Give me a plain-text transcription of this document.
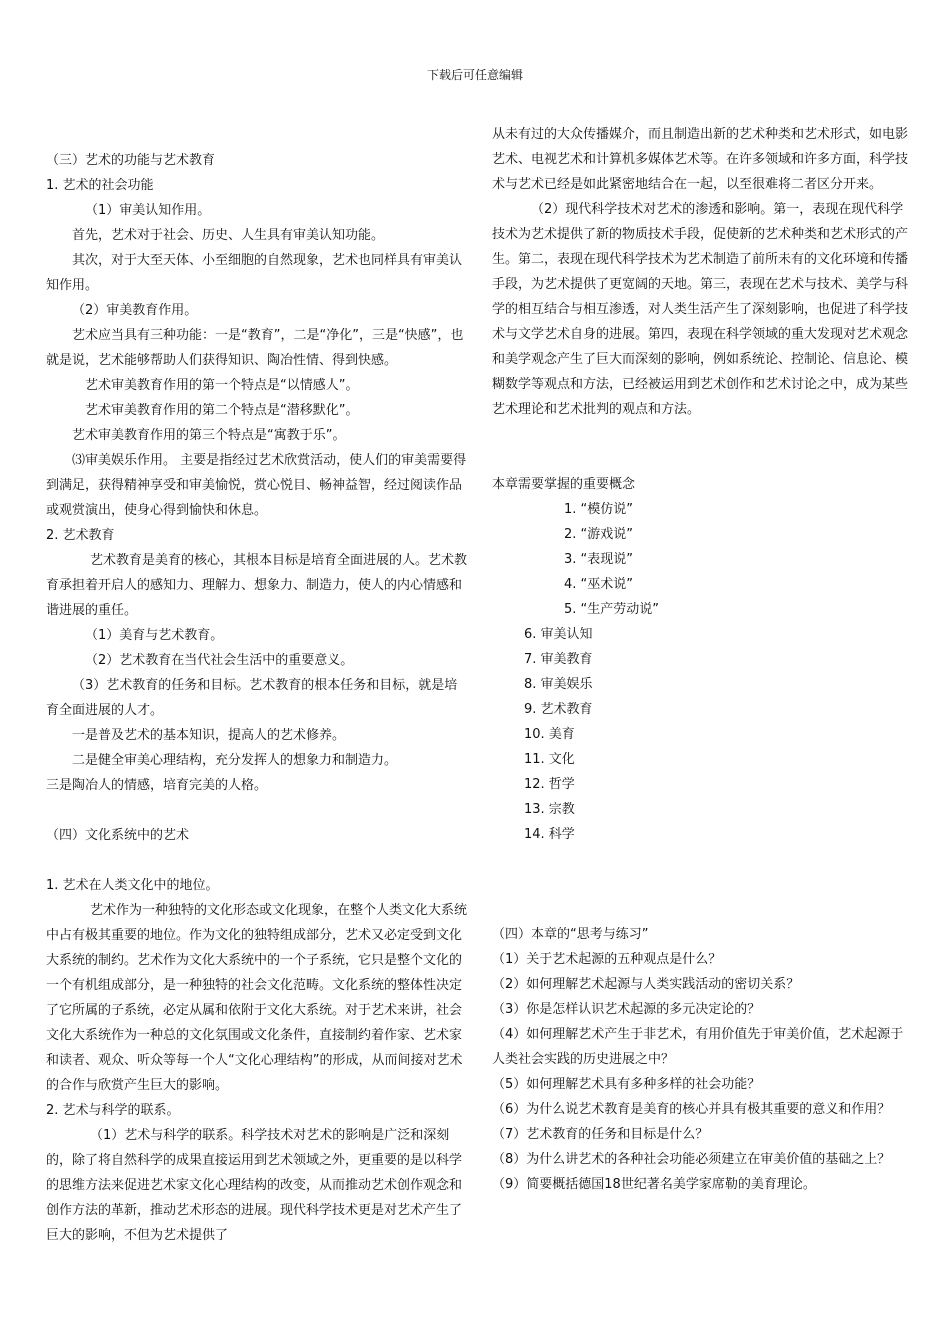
下载后可任意编辑

（三）艺术的功能与艺术教育

1. 艺术的社会功能

（1）审美认知作用。

首先，艺术对于社会、历史、人生具有审美认知功能。

其次，对于大至天体、小至细胞的自然现象，艺术也同样具有审美认知作用。

（2）审美教育作用。

艺术应当具有三种功能：一是“教育”，二是“净化”，三是“快感”，也就是说，艺术能够帮助人们获得知识、陶冶性情、得到快感。

艺术审美教育作用的第一个特点是“以情感人”。

艺术审美教育作用的第二个特点是“潜移默化”。

艺术审美教育作用的第三个特点是“寓教于乐”。

⑶审美娱乐作用。 主要是指经过艺术欣赏活动，使人们的审美需要得到满足，获得精神享受和审美愉悦，赏心悦目、畅神益智，经过阅读作品或观赏演出，使身心得到愉快和休息。

2. 艺术教育

艺术教育是美育的核心，其根本目标是培育全面进展的人。艺术教育承担着开启人的感知力、理解力、想象力、制造力，使人的内心情感和谐进展的重任。

（1）美育与艺术教育。

（2）艺术教育在当代社会生活中的重要意义。

（3）艺术教育的任务和目标。艺术教育的根本任务和目标，就是培育全面进展的人才。

一是普及艺术的基本知识，提高人的艺术修养。

二是健全审美心理结构，充分发挥人的想象力和制造力。

三是陶冶人的情感，培育完美的人格。

（四）文化系统中的艺术

1. 艺术在人类文化中的地位。

艺术作为一种独特的文化形态或文化现象，在整个人类文化大系统中占有极其重要的地位。作为文化的独特组成部分，艺术又必定受到文化大系统的制约。艺术作为文化大系统中的一个子系统，它只是整个文化的一个有机组成部分，是一种独特的社会文化范畴。文化系统的整体性决定了它所属的子系统，必定从属和依附于文化大系统。对于艺术来讲，社会文化大系统作为一种总的文化氛围或文化条件，直接制约着作家、艺术家和读者、观众、听众等每一个人“文化心理结构”的形成，从而间接对艺术的合作与欣赏产生巨大的影响。

2. 艺术与科学的联系。

（1）艺术与科学的联系。科学技术对艺术的影响是广泛和深刻的，除了将自然科学的成果直接运用到艺术领域之外，更重要的是以科学的思维方法来促进艺术家文化心理结构的改变，从而推动艺术创作观念和创作方法的革新，推动艺术形态的进展。现代科学技术更是对艺术产生了巨大的影响，不但为艺术提供了

从未有过的大众传播媒介，而且制造出新的艺术种类和艺术形式，如电影艺术、电视艺术和计算机多媒体艺术等。在许多领域和许多方面，科学技术与艺术已经是如此紧密地结合在一起，以至很难将二者区分开来。

（2）现代科学技术对艺术的渗透和影响。第一，表现在现代科学技术为艺术提供了新的物质技术手段，促使新的艺术种类和艺术形式的产生。第二，表现在现代科学技术为艺术制造了前所未有的文化环境和传播手段，为艺术提供了更宽阔的天地。第三，表现在艺术与技术、美学与科学的相互结合与相互渗透，对人类生活产生了深刻影响，也促进了科学技术与文学艺术自身的进展。第四，表现在科学领域的重大发现对艺术观念和美学观念产生了巨大而深刻的影响，例如系统论、控制论、信息论、模糊数学等观点和方法，已经被运用到艺术创作和艺术讨论之中，成为某些艺术理论和艺术批判的观点和方法。

本章需要掌握的重要概念

1. “模仿说”

2. “游戏说”

3. “表现说”

4. “巫术说”

5. “生产劳动说”

6. 审美认知

7. 审美教育

8. 审美娱乐

9. 艺术教育

10. 美育

11. 文化

12. 哲学

13. 宗教

14. 科学

（四）本章的“思考与练习”

（1）关于艺术起源的五种观点是什么？

（2）如何理解艺术起源与人类实践活动的密切关系？

（3）你是怎样认识艺术起源的多元决定论的？

（4）如何理解艺术产生于非艺术，有用价值先于审美价值，艺术起源于人类社会实践的历史进展之中？

（5）如何理解艺术具有多种多样的社会功能？

（6）为什么说艺术教育是美育的核心并具有极其重要的意义和作用？

（7）艺术教育的任务和目标是什么？

（8）为什么讲艺术的各种社会功能必须建立在审美价值的基础之上？

（9）简要概括德国18世纪著名美学家席勒的美育理论。
